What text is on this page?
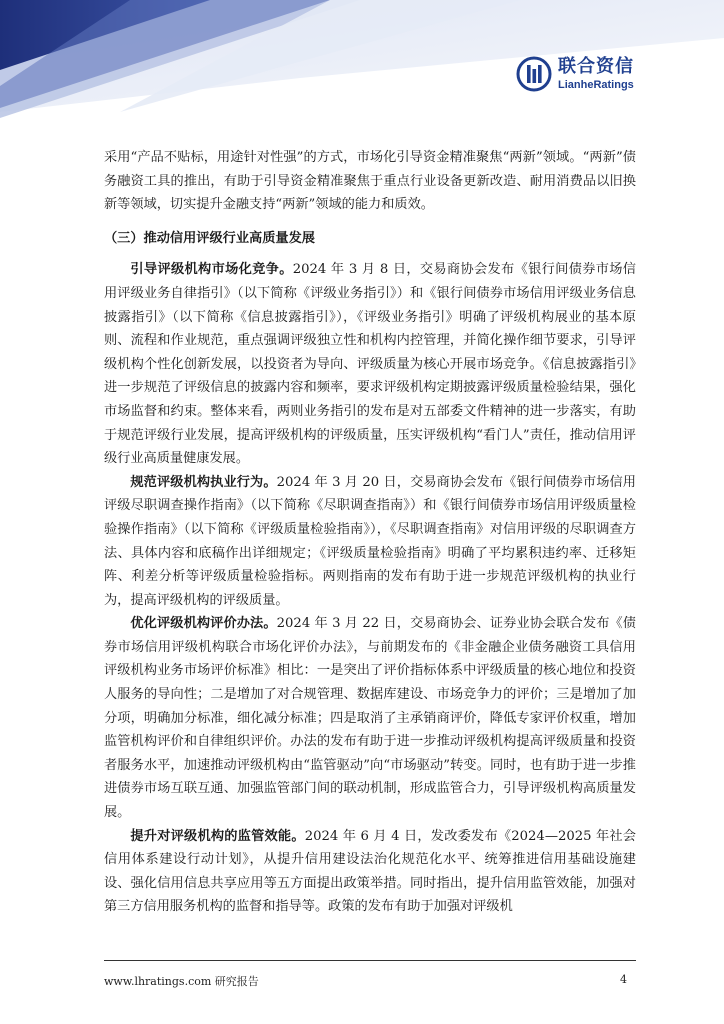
联合资信
LianheRatings

采用“产品不贴标，用途针对性强”的方式，市场化引导资金精准聚焦“两新”领域。“两新”债务融资工具的推出，有助于引导资金精准聚焦于重点行业设备更新改造、耐用消费品以旧换新等领域，切实提升金融支持“两新”领域的能力和质效。

（三）推动信用评级行业高质量发展

引导评级机构市场化竞争。2024 年 3 月 8 日，交易商协会发布《银行间债券市场信用评级业务自律指引》（以下简称《评级业务指引》）和《银行间债券市场信用评级业务信息披露指引》（以下简称《信息披露指引》），《评级业务指引》明确了评级机构展业的基本原则、流程和作业规范，重点强调评级独立性和机构内控管理，并简化操作细节要求，引导评级机构个性化创新发展，以投资者为导向、评级质量为核心开展市场竞争。《信息披露指引》进一步规范了评级信息的披露内容和频率，要求评级机构定期披露评级质量检验结果，强化市场监督和约束。整体来看，两则业务指引的发布是对五部委文件精神的进一步落实，有助于规范评级行业发展，提高评级机构的评级质量，压实评级机构“看门人”责任，推动信用评级行业高质量健康发展。

规范评级机构执业行为。2024 年 3 月 20 日，交易商协会发布《银行间债券市场信用评级尽职调查操作指南》（以下简称《尽职调查指南》）和《银行间债券市场信用评级质量检验操作指南》（以下简称《评级质量检验指南》），《尽职调查指南》对信用评级的尽职调查方法、具体内容和底稿作出详细规定；《评级质量检验指南》明确了平均累积违约率、迁移矩阵、利差分析等评级质量检验指标。两则指南的发布有助于进一步规范评级机构的执业行为，提高评级机构的评级质量。

优化评级机构评价办法。2024 年 3 月 22 日，交易商协会、证券业协会联合发布《债券市场信用评级机构联合市场化评价办法》，与前期发布的《非金融企业债务融资工具信用评级机构业务市场评价标准》相比：一是突出了评价指标体系中评级质量的核心地位和投资人服务的导向性；二是增加了对合规管理、数据库建设、市场竞争力的评价；三是增加了加分项，明确加分标准，细化减分标准；四是取消了主承销商评价，降低专家评价权重，增加监管机构评价和自律组织评价。办法的发布有助于进一步推动评级机构提高评级质量和投资者服务水平，加速推动评级机构由“监管驱动”向“市场驱动”转变。同时，也有助于进一步推进债券市场互联互通、加强监管部门间的联动机制，形成监管合力，引导评级机构高质量发展。

提升对评级机构的监管效能。2024 年 6 月 4 日，发改委发布《2024—2025 年社会信用体系建设行动计划》，从提升信用建设法治化规范化水平、统筹推进信用基础设施建设、强化信用信息共享应用等五方面提出政策举措。同时指出，提升信用监管效能，加强对第三方信用服务机构的监督和指导等。政策的发布有助于加强对评级机

www.lhratings.com 研究报告	4
